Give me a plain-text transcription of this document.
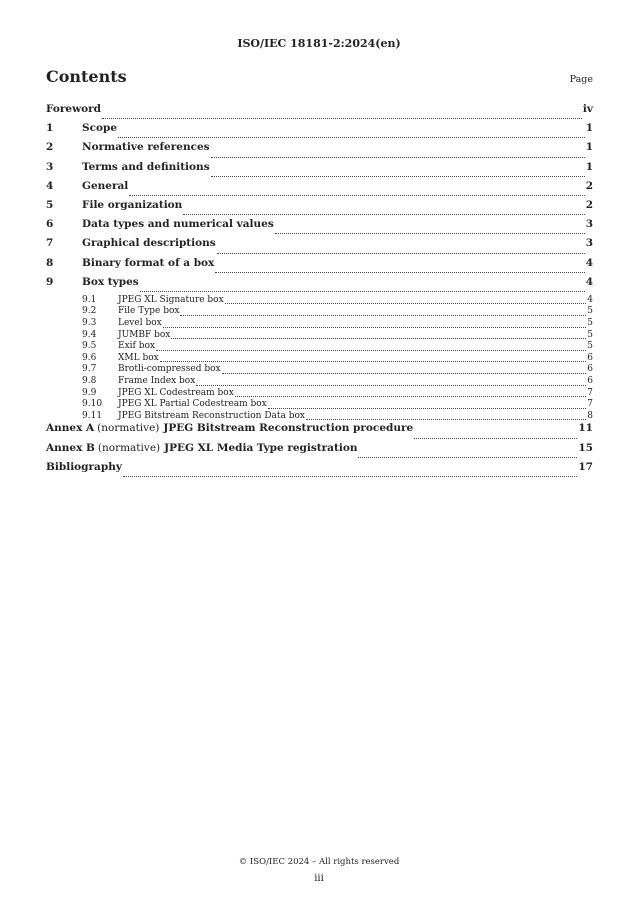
ISO/IEC 18181-2:2024(en)
Contents	Page
Foreword	iv
1	Scope	1
2	Normative references	1
3	Terms and definitions	1
4	General	2
5	File organization	2
6	Data types and numerical values	3
7	Graphical descriptions	3
8	Binary format of a box	4
9	Box types	4
9.1	JPEG XL Signature box	4
9.2	File Type box	5
9.3	Level box	5
9.4	JUMBF box	5
9.5	Exif box	5
9.6	XML box	6
9.7	Brotli-compressed box	6
9.8	Frame Index box	6
9.9	JPEG XL Codestream box	7
9.10	JPEG XL Partial Codestream box	7
9.11	JPEG Bitstream Reconstruction Data box	8
Annex A (normative) JPEG Bitstream Reconstruction procedure	11
Annex B (normative) JPEG XL Media Type registration	15
Bibliography	17
© ISO/IEC 2024 – All rights reserved
iii
